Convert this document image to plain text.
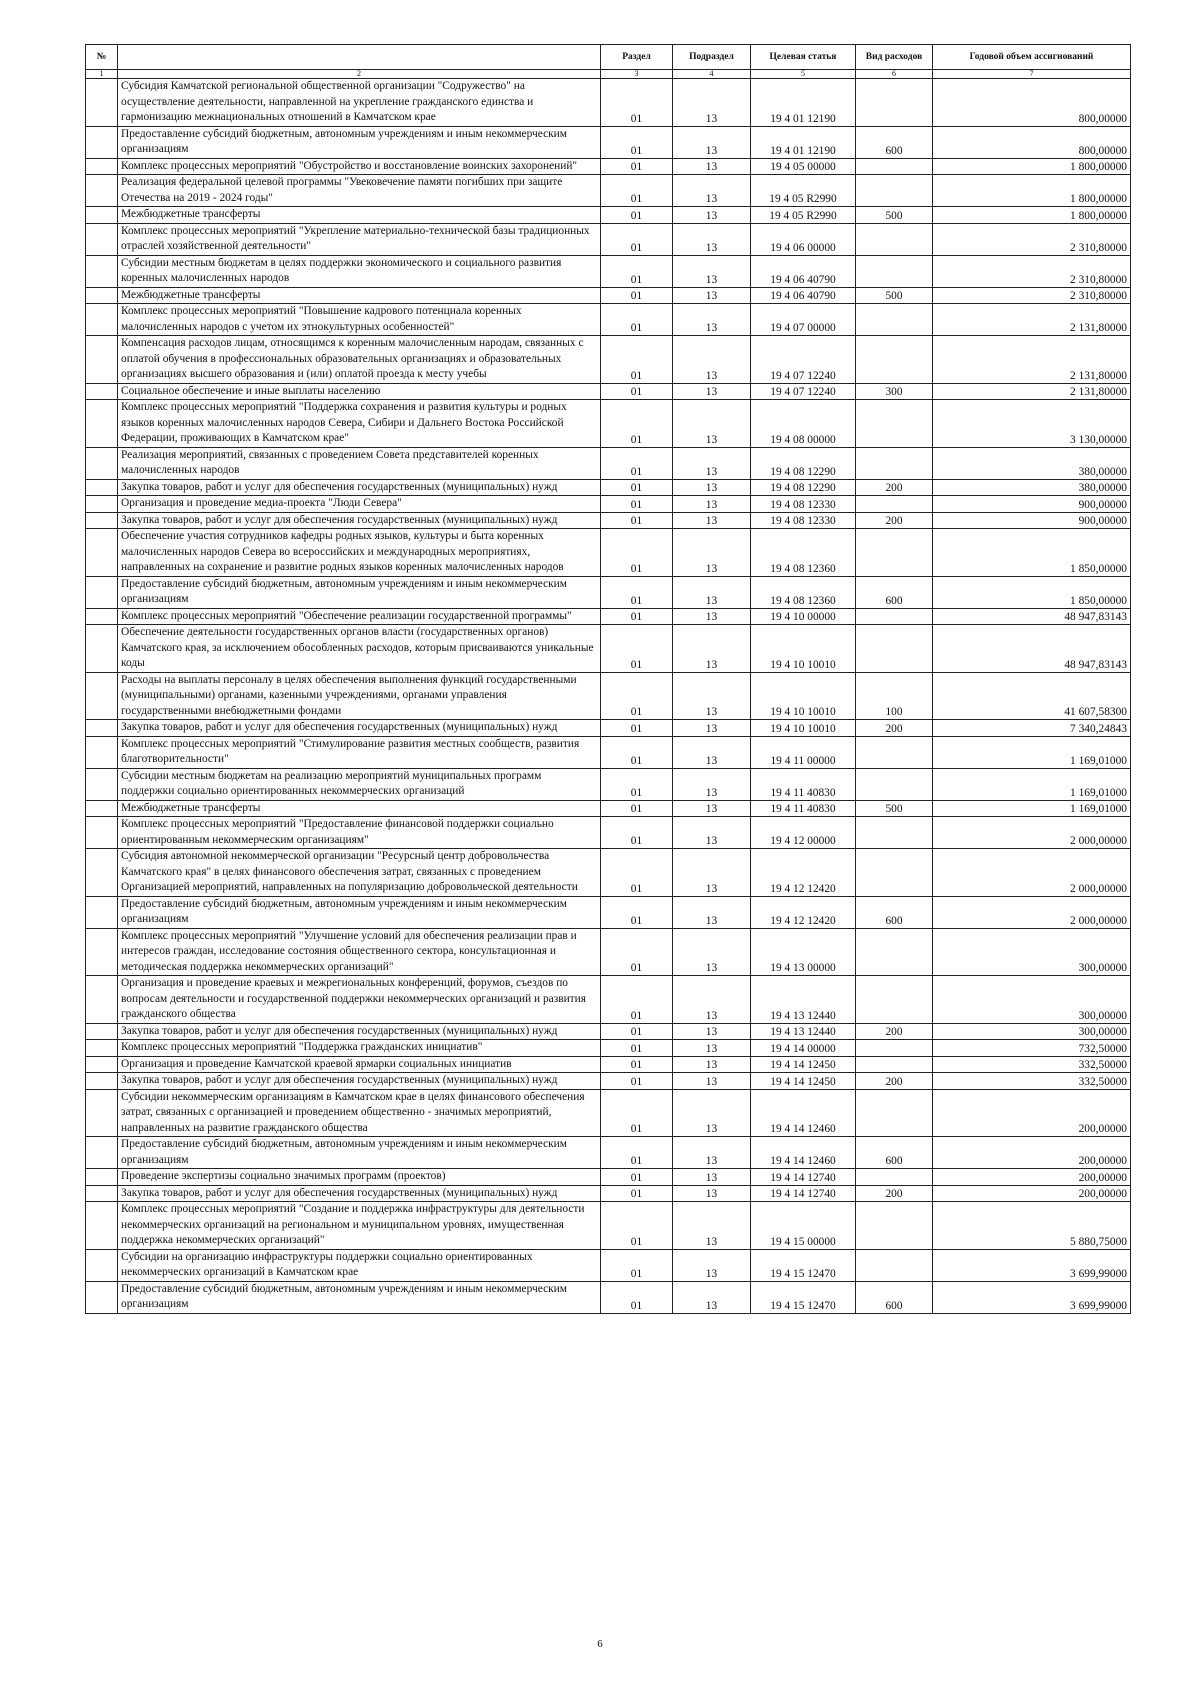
№		Раздел	Подраздел	Целевая статья	Вид расходов	Годовой объем ассигнований
1	2	3	4	5	6	7
	Субсидия Камчатской региональной общественной организации "Содружество" на осуществление деятельности, направленной на укрепление гражданского единства и гармонизацию межнациональных отношений в Камчатском крае	01	13	19 4 01 12190		800,00000
	Предоставление субсидий бюджетным, автономным учреждениям и иным некоммерческим организациям	01	13	19 4 01 12190	600	800,00000
	Комплекс процессных мероприятий "Обустройство и восстановление воинских захоронений"	01	13	19 4 05 00000		1 800,00000
	Реализация федеральной целевой программы "Увековечение памяти погибших при защите Отечества на 2019 - 2024 годы"	01	13	19 4 05 R2990		1 800,00000
	Межбюджетные трансферты	01	13	19 4 05 R2990	500	1 800,00000
	Комплекс процессных мероприятий "Укрепление материально-технической базы традиционных отраслей хозяйственной деятельности"	01	13	19 4 06 00000		2 310,80000
	Субсидии местным бюджетам в целях поддержки экономического и социального развития коренных малочисленных народов	01	13	19 4 06 40790		2 310,80000
	Межбюджетные трансферты	01	13	19 4 06 40790	500	2 310,80000
	Комплекс процессных мероприятий "Повышение кадрового потенциала коренных малочисленных народов с учетом их этнокультурных особенностей"	01	13	19 4 07 00000		2 131,80000
	Компенсация расходов лицам, относящимся к коренным малочисленным народам, связанных с оплатой обучения в профессиональных образовательных организациях и образовательных организациях высшего образования и (или) оплатой проезда к месту учебы	01	13	19 4 07 12240		2 131,80000
	Социальное обеспечение и иные выплаты населению	01	13	19 4 07 12240	300	2 131,80000
	Комплекс процессных мероприятий "Поддержка сохранения и развития культуры и родных языков коренных малочисленных народов Севера, Сибири и Дальнего Востока Российской Федерации, проживающих в Камчатском крае"	01	13	19 4 08 00000		3 130,00000
	Реализация мероприятий, связанных с проведением Совета представителей коренных малочисленных народов	01	13	19 4 08 12290		380,00000
	Закупка товаров, работ и услуг для обеспечения государственных (муниципальных) нужд	01	13	19 4 08 12290	200	380,00000
	Организация и проведение медиа-проекта "Люди Севера"	01	13	19 4 08 12330		900,00000
	Закупка товаров, работ и услуг для обеспечения государственных (муниципальных) нужд	01	13	19 4 08 12330	200	900,00000
	Обеспечение участия сотрудников кафедры родных языков, культуры и быта коренных малочисленных народов Севера во всероссийских и международных мероприятиях, направленных на сохранение и развитие родных языков коренных малочисленных народов	01	13	19 4 08 12360		1 850,00000
	Предоставление субсидий бюджетным, автономным учреждениям и иным некоммерческим организациям	01	13	19 4 08 12360	600	1 850,00000
	Комплекс процессных мероприятий "Обеспечение реализации государственной программы"	01	13	19 4 10 00000		48 947,83143
	Обеспечение деятельности государственных органов власти (государственных органов) Камчатского края, за исключением обособленных расходов, которым присваиваются уникальные коды	01	13	19 4 10 10010		48 947,83143
	Расходы на выплаты персоналу в целях обеспечения выполнения функций государственными (муниципальными) органами, казенными учреждениями, органами управления государственными внебюджетными фондами	01	13	19 4 10 10010	100	41 607,58300
	Закупка товаров, работ и услуг для обеспечения государственных (муниципальных) нужд	01	13	19 4 10 10010	200	7 340,24843
	Комплекс процессных мероприятий "Стимулирование развития местных сообществ, развития благотворительности"	01	13	19 4 11 00000		1 169,01000
	Субсидии местным бюджетам на реализацию мероприятий муниципальных программ поддержки социально ориентированных некоммерческих организаций	01	13	19 4 11 40830		1 169,01000
	Межбюджетные трансферты	01	13	19 4 11 40830	500	1 169,01000
	Комплекс процессных мероприятий "Предоставление финансовой поддержки социально ориентированным некоммерческим организациям"	01	13	19 4 12 00000		2 000,00000
	Субсидия автономной некоммерческой организации "Ресурсный центр добровольчества Камчатского края" в целях финансового обеспечения затрат, связанных с проведением Организацией мероприятий, направленных на популяризацию добровольческой деятельности	01	13	19 4 12 12420		2 000,00000
	Предоставление субсидий бюджетным, автономным учреждениям и иным некоммерческим организациям	01	13	19 4 12 12420	600	2 000,00000
	Комплекс процессных мероприятий "Улучшение условий для обеспечения реализации прав и интересов граждан, исследование состояния общественного сектора, консультационная и методическая поддержка некоммерческих организаций"	01	13	19 4 13 00000		300,00000
	Организация и проведение краевых и межрегиональных конференций, форумов, съездов по вопросам деятельности и государственной поддержки некоммерческих организаций и развития гражданского общества	01	13	19 4 13 12440		300,00000
	Закупка товаров, работ и услуг для обеспечения государственных (муниципальных) нужд	01	13	19 4 13 12440	200	300,00000
	Комплекс процессных мероприятий "Поддержка гражданских инициатив"	01	13	19 4 14 00000		732,50000
	Организация и проведение Камчатской краевой ярмарки социальных инициатив	01	13	19 4 14 12450		332,50000
	Закупка товаров, работ и услуг для обеспечения государственных (муниципальных) нужд	01	13	19 4 14 12450	200	332,50000
	Субсидии некоммерческим организациям в Камчатском крае в целях финансового обеспечения затрат, связанных с организацией и проведением общественно - значимых мероприятий, направленных на развитие гражданского общества	01	13	19 4 14 12460		200,00000
	Предоставление субсидий бюджетным, автономным учреждениям и иным некоммерческим организациям	01	13	19 4 14 12460	600	200,00000
	Проведение экспертизы социально значимых программ (проектов)	01	13	19 4 14 12740		200,00000
	Закупка товаров, работ и услуг для обеспечения государственных (муниципальных) нужд	01	13	19 4 14 12740	200	200,00000
	Комплекс процессных мероприятий "Создание и поддержка инфраструктуры для деятельности некоммерческих организаций на региональном и муниципальном уровнях, имущественная поддержка некоммерческих организаций"	01	13	19 4 15 00000		5 880,75000
	Субсидии на организацию инфраструктуры поддержки социально ориентированных некоммерческих организаций в Камчатском крае	01	13	19 4 15 12470		3 699,99000
	Предоставление субсидий бюджетным, автономным учреждениям и иным некоммерческим организациям	01	13	19 4 15 12470	600	3 699,99000
6
